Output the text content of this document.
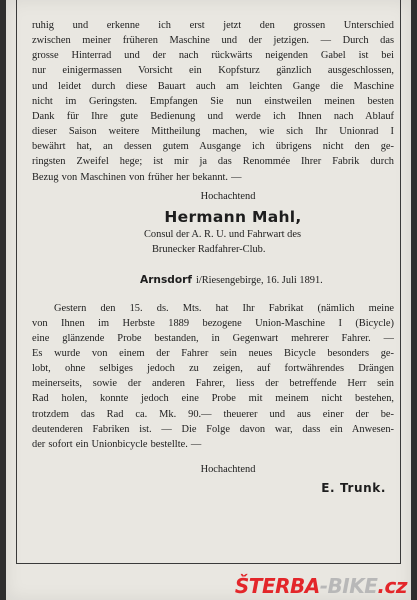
ruhig und erkenne ich erst jetzt den grossen Unterschied
zwischen meiner früheren Maschine und der jetzigen. — Durch das
grosse Hinterrad und der nach rückwärts neigenden Gabel ist bei
nur einigermassen Vorsicht ein Kopfsturz gänzlich ausgeschlossen,
und leidet durch diese Bauart auch am leichten Gange die Maschine
nicht im Geringsten. Empfangen Sie nun einstweilen meinen besten
Dank für Ihre gute Bedienung und werde ich Ihnen nach Ablauf
dieser Saison weitere Mittheilung machen, wie sich Ihr Unionrad I
bewährt hat, an dessen gutem Ausgange ich übrigens nicht den ge-
ringsten Zweifel hege; ist mir ja das Renommée Ihrer Fabrik durch
Bezug von Maschinen von früher her bekannt. —
Hochachtend
Hermann Mahl,
Consul der A. R. U. und Fahrwart des
Brunecker Radfahrer-Club.
Arnsdorf i/Riesengebirge, 16. Juli 1891.
Gestern den 15. ds. Mts. hat Ihr Fabrikat (nämlich meine
von Ihnen im Herbste 1889 bezogene Union-Maschine I (Bicycle)
eine glänzende Probe bestanden, in Gegenwart mehrerer Fahrer. —
Es wurde von einem der Fahrer sein neues Bicycle besonders ge-
lobt, ohne selbiges jedoch zu zeigen, auf fortwährendes Drängen
meinerseits, sowie der anderen Fahrer, liess der betreffende Herr sein
Rad holen, konnte jedoch eine Probe mit meinem nicht bestehen,
trotzdem das Rad ca. Mk. 90.— theuerer und aus einer der be-
deutenderen Fabriken ist. — Die Folge davon war, dass ein Anwesen-
der sofort ein Unionbicycle bestellte. —
Hochachtend
E. Trunk.
ŠTERBA-BIKE.cz
